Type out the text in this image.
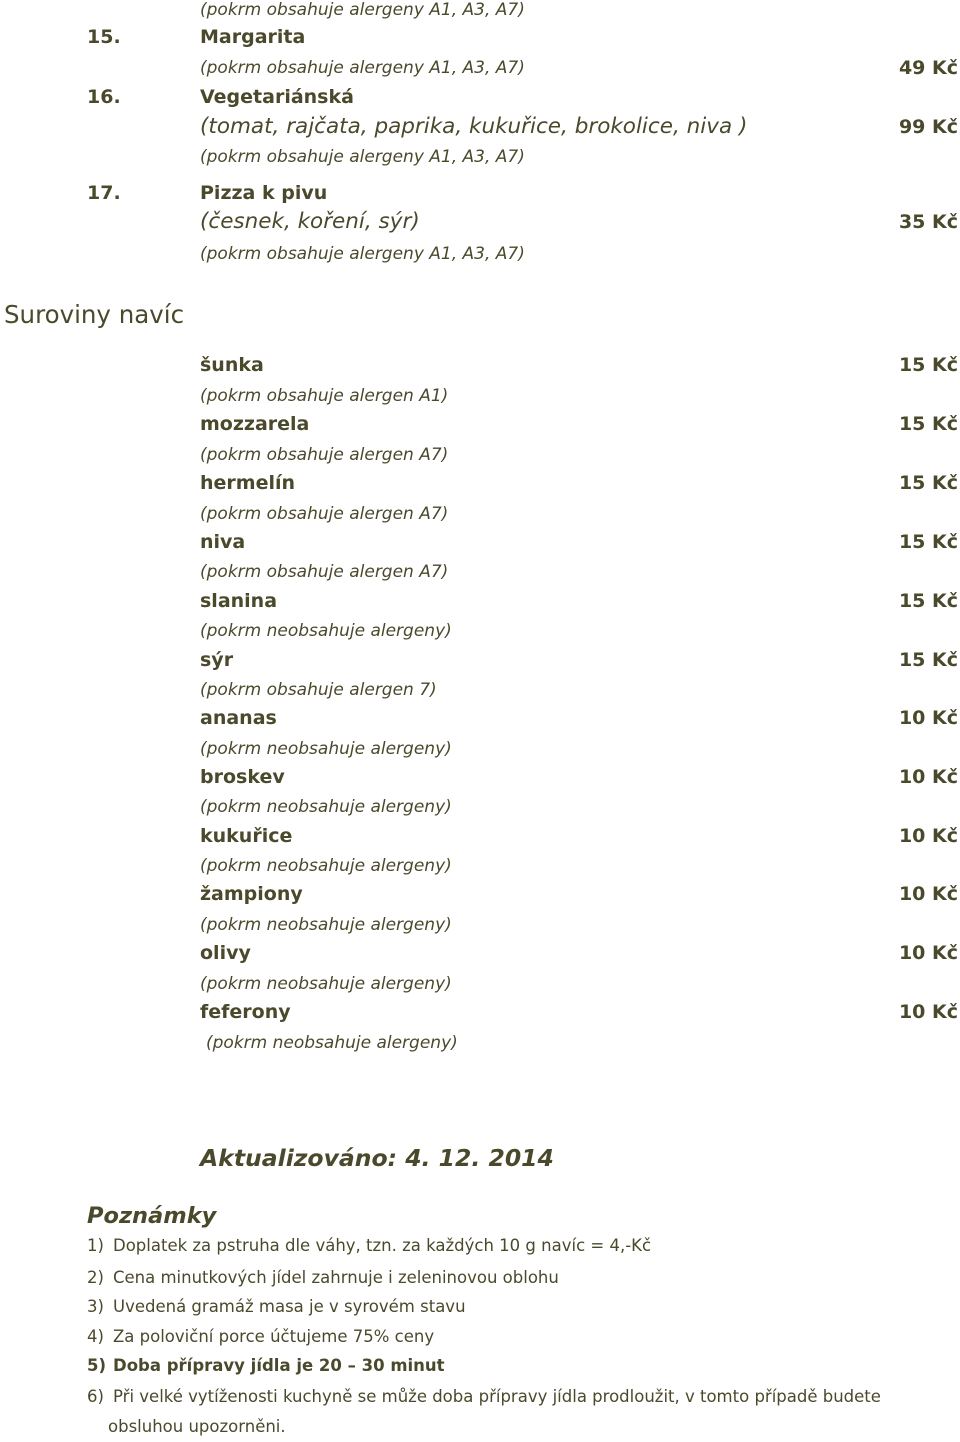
(pokrm obsahuje alergeny A1, A3, A7)
15.	Margarita
(pokrm obsahuje alergeny A1, A3, A7)	49 Kč
16.	Vegetariánská
(tomat, rajčata, paprika, kukuřice, brokolice, niva )	99 Kč
(pokrm obsahuje alergeny A1, A3, A7)
17.	Pizza k pivu
(česnek, koření, sýr)	35 Kč
(pokrm obsahuje alergeny A1, A3, A7)
Suroviny navíc
šunka	15 Kč
(pokrm obsahuje alergen A1)
mozzarela	15 Kč
(pokrm obsahuje alergen A7)
hermelín	15 Kč
(pokrm obsahuje alergen A7)
niva	15 Kč
(pokrm obsahuje alergen A7)
slanina	15 Kč
(pokrm neobsahuje alergeny)
sýr	15 Kč
(pokrm obsahuje alergen 7)
ananas	10 Kč
(pokrm neobsahuje alergeny)
broskev	10 Kč
(pokrm neobsahuje alergeny)
kukuřice	10 Kč
(pokrm neobsahuje alergeny)
žampiony	10 Kč
(pokrm neobsahuje alergeny)
olivy	10 Kč
(pokrm neobsahuje alergeny)
feferony	10 Kč
(pokrm neobsahuje alergeny)
Aktualizováno: 4. 12. 2014
Poznámky
1) Doplatek za pstruha dle váhy, tzn. za každých 10 g navíc = 4,-Kč
2) Cena minutkových jídel zahrnuje i zeleninovou oblohu
3) Uvedená gramáž masa je v syrovém stavu
4) Za poloviční porce účtujeme 75% ceny
5) Doba přípravy jídla je 20 – 30 minut
6) Při velké vytíženosti kuchyně se může doba přípravy jídla prodloužit, v tomto případě budete
obsluhou upozorněni.
